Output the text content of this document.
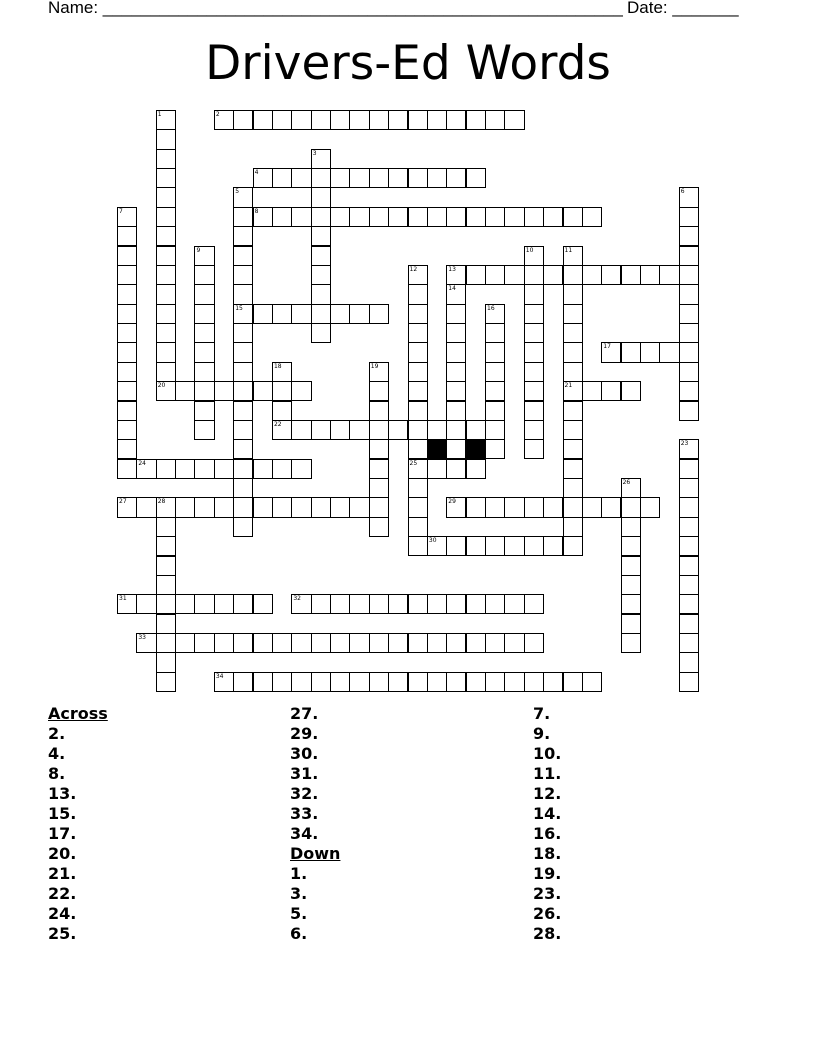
Name: _______________________________________________________ Date: _______
Drivers-Ed Words
2
4
8
13
15
17
20	21
22
24	25
27	29
30
31	32
33
34
1
3
5	6
7
9	10	11
12
14
16
18	19
23
26
28
Across
2.
4.
8.
13.
15.
17.
20.
21.
22.
24.
25.
27.
29.
30.
31.
32.
33.
34.
Down
1.
3.
5.
6.
7.
9.
10.
11.
12.
14.
16.
18.
19.
23.
26.
28.
